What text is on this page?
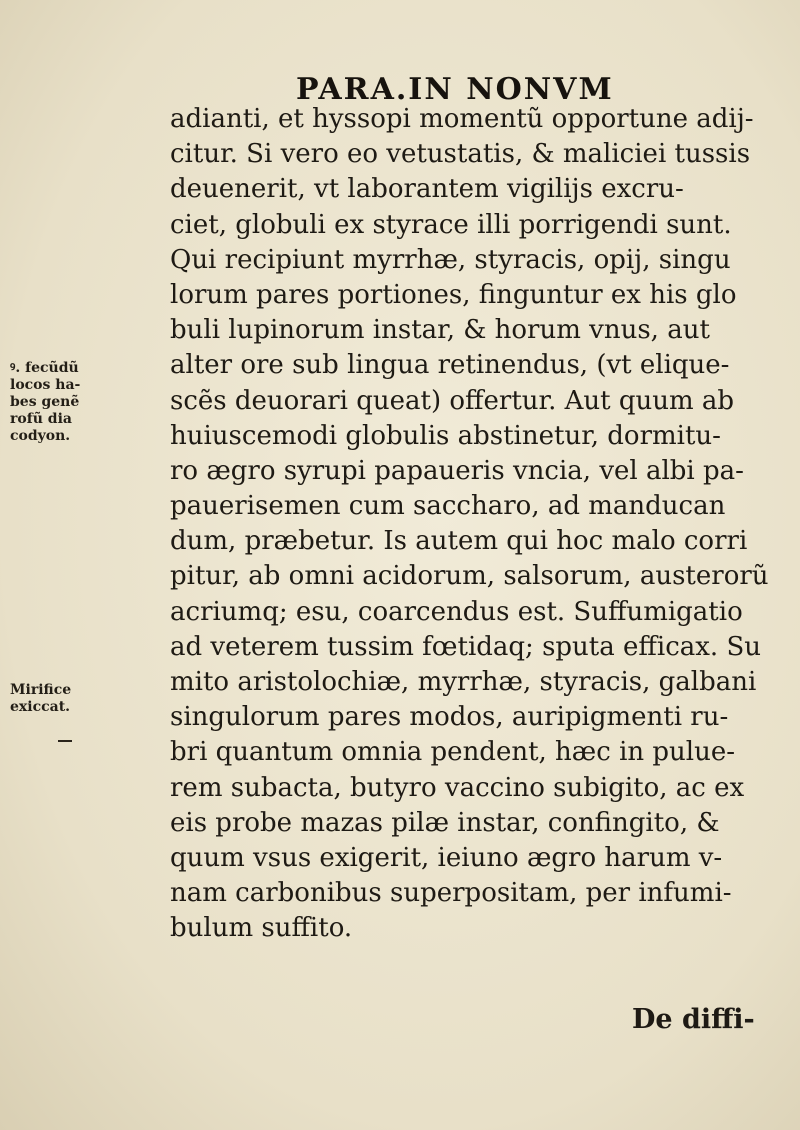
PARA.IN NONVM
ꝰ. fecũdũ
locos ha-
bes genẽ
rofũ dia
codyon.
Mirifice
exiccat.
adianti, et hyssopi momentũ opportune adij-
citur. Si vero eo vetustatis, & maliciei tussis
deuenerit, vt laborantem vigilijs excru-
ciet, globuli ex styrace illi porrigendi sunt.
Qui recipiunt myrrhæ, styracis, opij, singu
lorum pares portiones, finguntur ex his glo
buli lupinorum instar, & horum vnus, aut
alter ore sub lingua retinendus, (vt elique-
scẽs deuorari queat) offertur. Aut quum ab
huiuscemodi globulis abstinetur, dormitu-
ro ægro syrupi papaueris vncia, vel albi pa-
pauerisemen cum saccharo, ad manducan
dum, præbetur. Is autem qui hoc malo corri
pitur, ab omni acidorum, salsorum, austerorũ
acriumq; esu, coarcendus est. Suffumigatio
ad veterem tussim fœtidaq; sputa efficax. Su
mito aristolochiæ, myrrhæ, styracis, galbani
singulorum pares modos, auripigmenti ru-
bri quantum omnia pendent, hæc in pulue-
rem subacta, butyro vaccino subigito, ac ex
eis probe mazas pilæ instar, confingito, &
quum vsus exigerit, ieiuno ægro harum v-
nam carbonibus superpositam, per infumi-
bulum suffito.
De diffi-
